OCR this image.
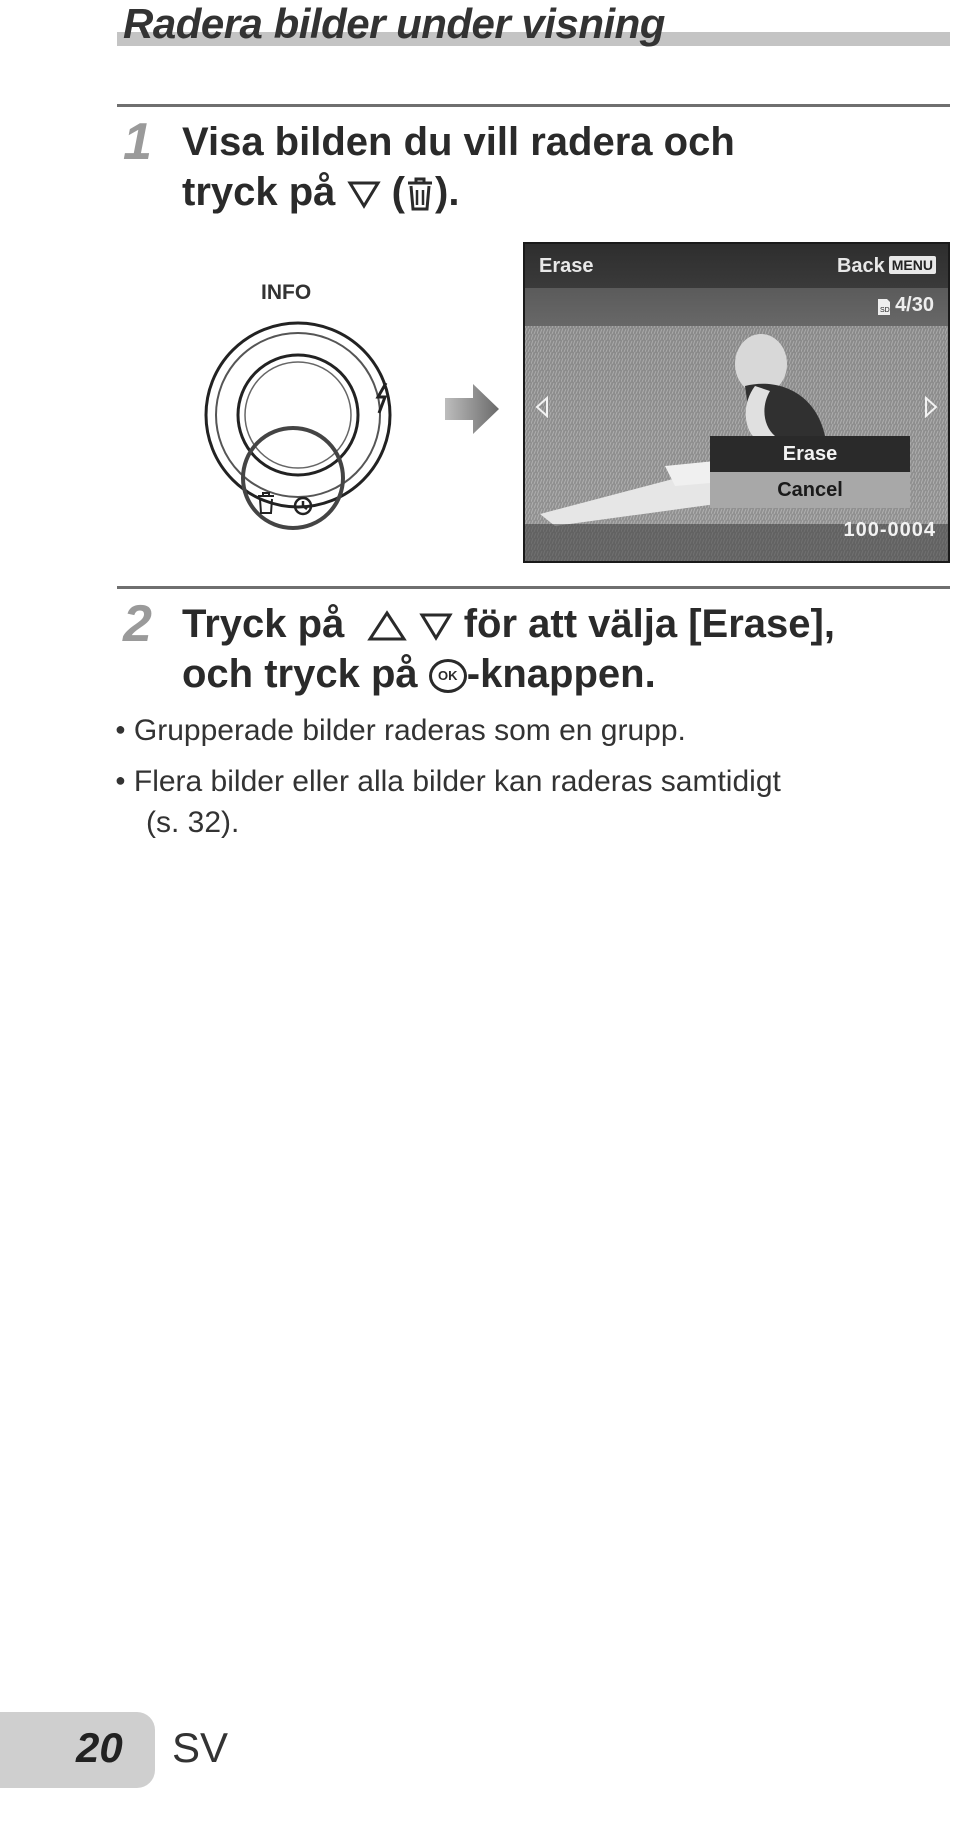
Radera bilder under visning
1 Visa bilden du vill radera och
tryck på ( ).
INFO
Erase	Back MENU
SD 4/30
Erase
Cancel
100-0004
2 Tryck på	för att välja [Erase],
och tryck på OK -knappen.
● Grupperade bilder raderas som en grupp.
● Flera bilder eller alla bilder kan raderas samtidigt
(s. 32).
20 SV
